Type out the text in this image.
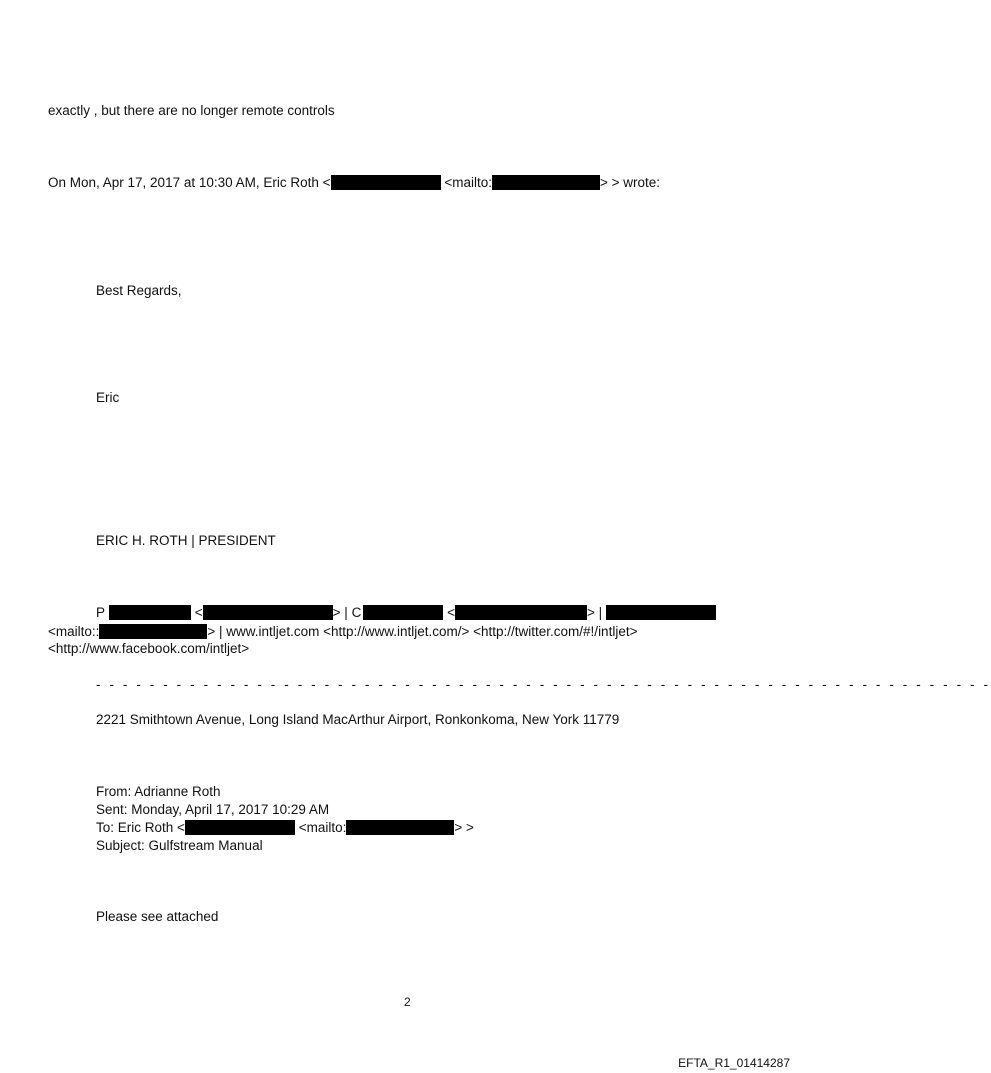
exactly , but there are no longer remote controls
On Mon, Apr 17, 2017 at 10:30 AM, Eric Roth <	<mailto:	> > wrote:
Best Regards,
Eric
ERIC H. ROTH | PRESIDENT
P	<	> | C	<	> |
<mailto::	> | www.intljet.com <http://www.intljet.com/> <http://twitter.com/#!/intljet>
<http://www.facebook.com/intljet>
- - - - - - - - - - - - - - - - - - - - - - - - - - - - - - - - - - - - - - - - - - - - - - - - - - - - - - - - - - - - - - - - - - -
2221 Smithtown Avenue, Long Island MacArthur Airport, Ronkonkoma, New York 11779
From: Adrianne Roth
Sent: Monday, April 17, 2017 10:29 AM
To: Eric Roth <	<mailto:	> >
Subject: Gulfstream Manual
Please see attached
2
EFTA_R1_01414287
